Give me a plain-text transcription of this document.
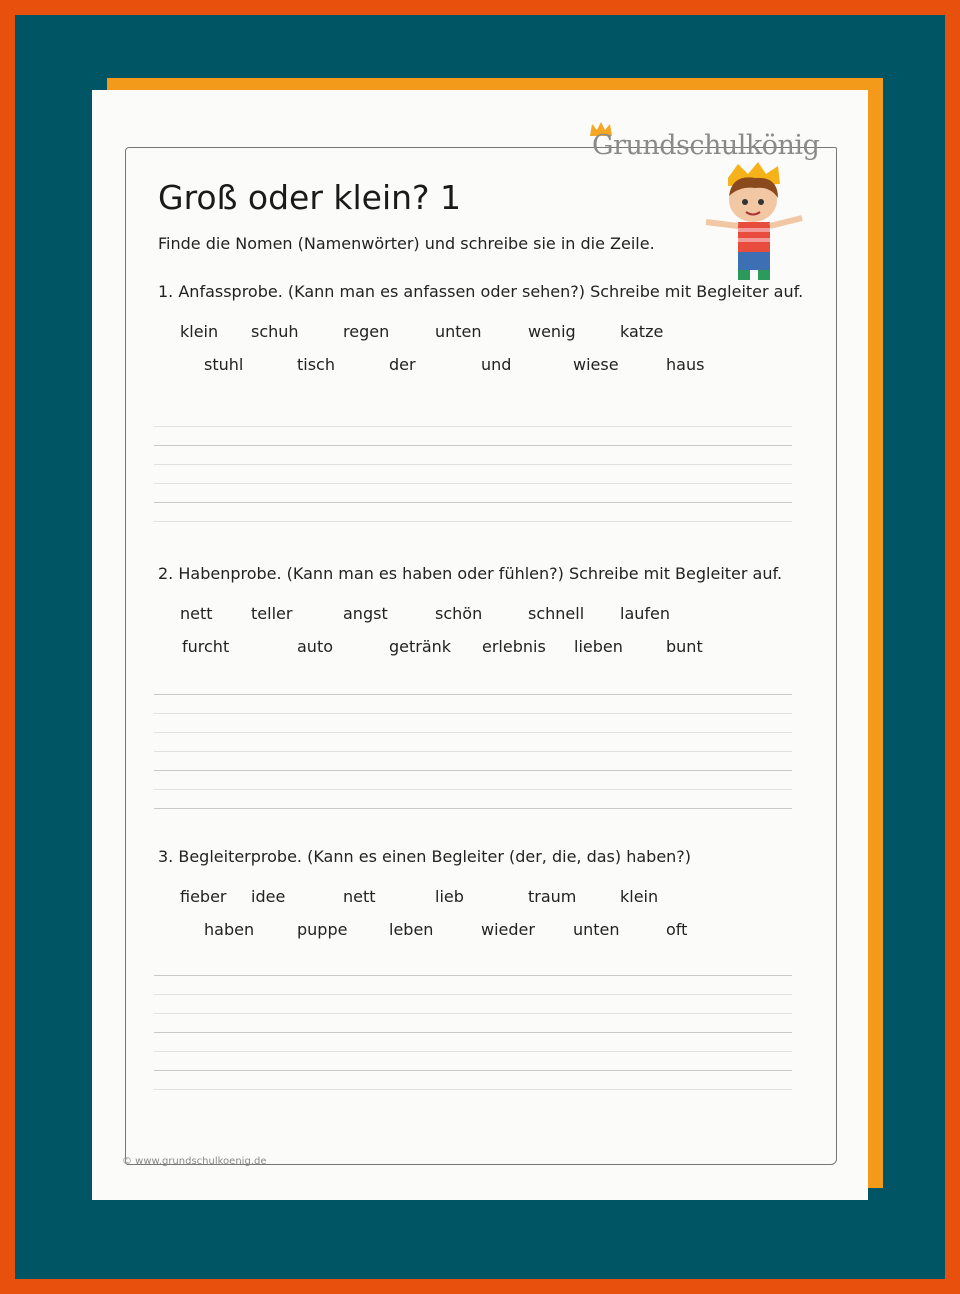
Grundschulkönig
Groß oder klein? 1
Finde die Nomen (Namenwörter) und schreibe sie in die Zeile.
1. Anfassprobe. (Kann man es anfassen oder sehen?) Schreibe mit Begleiter auf.
klein schuh	regen	unten	wenig	katze
stuhl	tisch	der	und	wiese	haus
2. Habenprobe. (Kann man es haben oder fühlen?) Schreibe mit Begleiter auf.
nett teller	angst	schön	schnell laufen
furcht	auto	getränk erlebnis lieben	bunt
3. Begleiterprobe. (Kann es einen Begleiter (der, die, das) haben?)
fieber idee	nett	lieb	traum	klein
haben	puppe	leben	wieder unten	oft
© www.grundschulkoenig.de
